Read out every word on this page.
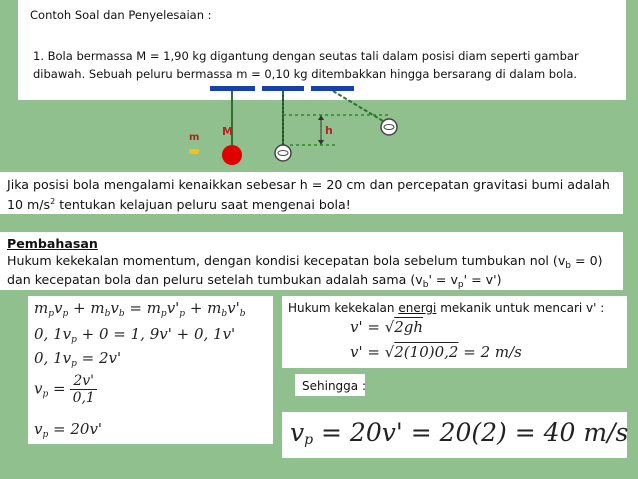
Contoh Soal dan Penyelesaian :
1. Bola bermassa M = 1,90 kg digantung dengan seutas tali dalam posisi diam seperti gambar
dibawah. Sebuah peluru bermassa m = 0,10 kg ditembakkan hingga bersarang di dalam bola.
m M	h
Jika posisi bola mengalami kenaikkan sebesar h = 20 cm dan percepatan gravitasi bumi adalah
10 $m/s^2$ tentukan kelajuan peluru saat mengenai bola!
Pembahasan
Hukum kekekalan momentum, dengan kondisi kecepatan bola sebelum tumbukan nol $(v_b = 0)$
dan kecepatan bola dan peluru setelah tumbukan adalah sama $(v_b' = v_p' = v')$
$m_pv_p + m_bv_b = m_pv'_p + m_bv'_b$
0, $1v_p + 0 = 1$, 9v' + 0, 1v'
0, $1v_p = 2v'$
$v_p = \frac{2v'}{0,1}$
$v_p = 20v'$
Hukum kekekalan energi mekanik untuk mencari v' :
v' = √2gh
v' = √2(10)0,2 = 2 m/s
Sehingga :
$v_p = 20v' = 20(2) = 40$ m/s
